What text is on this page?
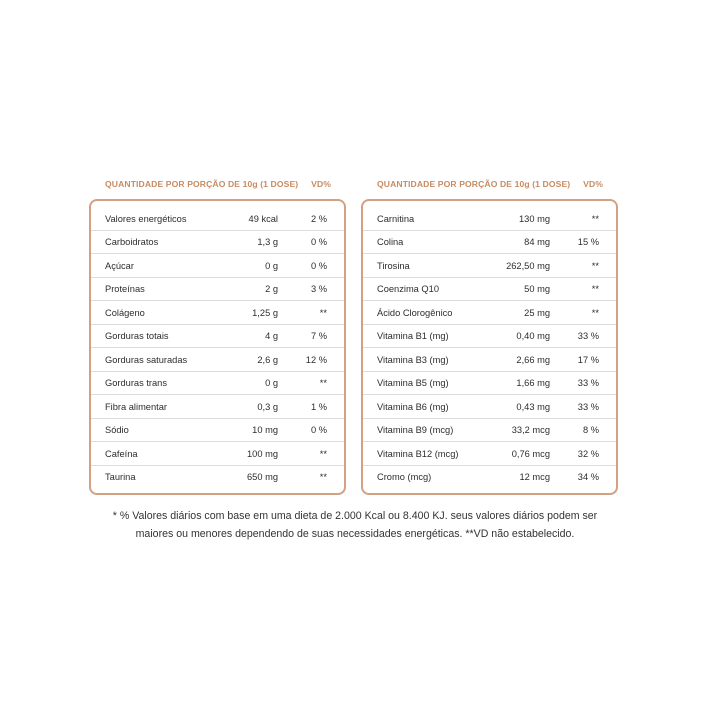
QUANTIDADE POR PORÇÃO DE 10g (1 DOSE) VD%
Valores energéticos	49 kcal	2 %
Carboidratos	1,3 g	0 %
Açúcar	0 g	0 %
Proteínas	2 g	3 %
Colágeno	1,25 g	**
Gorduras totais	4 g	7 %
Gorduras saturadas	2,6 g	12 %
Gorduras trans	0 g	**
Fibra alimentar	0,3 g	1 %
Sódio	10 mg	0 %
Cafeína	100 mg	**
Taurina	650 mg	**
QUANTIDADE POR PORÇÃO DE 10g (1 DOSE) VD%
Carnitina	130 mg	**
Colina	84 mg	15 %
Tirosina	262,50 mg	**
Coenzima Q10	50 mg	**
Ácido Clorogênico	25 mg	**
Vitamina B1 (mg)	0,40 mg	33 %
Vitamina B3 (mg)	2,66 mg	17 %
Vitamina B5 (mg)	1,66 mg	33 %
Vitamina B6 (mg)	0,43 mg	33 %
Vitamina B9 (mcg)	33,2 mcg	8 %
Vitamina B12 (mcg)	0,76 mcg	32 %
Cromo (mcg)	12 mcg	34 %
* % Valores diários com base em uma dieta de 2.000 Kcal ou 8.400 KJ. seus valores diários podem ser
maiores ou menores dependendo de suas necessidades energéticas. **VD não estabelecido.
